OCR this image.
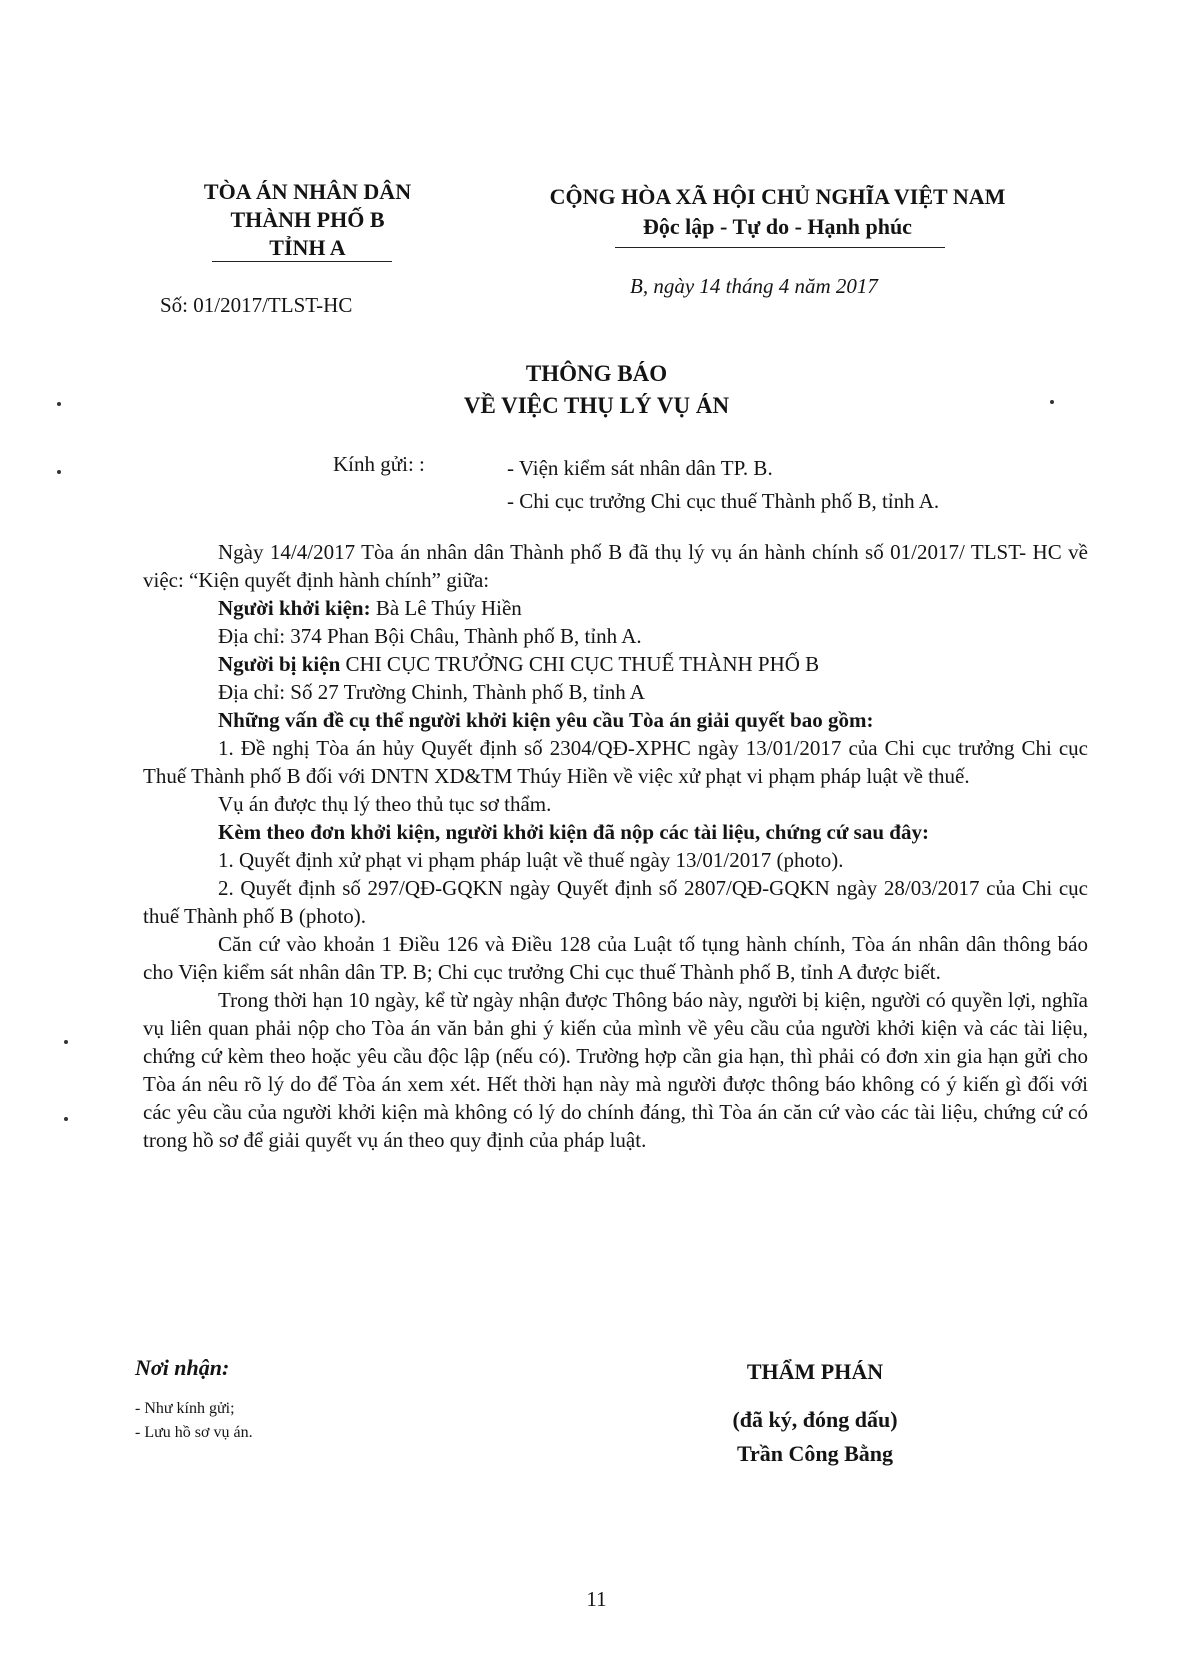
TÒA ÁN NHÂN DÂN
THÀNH PHỐ B
TỈNH A
Số: 01/2017/TLST-HC
CỘNG HÒA XÃ HỘI CHỦ NGHĨA VIỆT NAM
Độc lập - Tự do - Hạnh phúc
B, ngày 14 tháng 4 năm 2017
THÔNG BÁO
VỀ VIỆC THỤ LÝ VỤ ÁN
Kính gửi: :	- Viện kiểm sát nhân dân TP. B.
- Chi cục trưởng Chi cục thuế Thành phố B, tỉnh A.

Ngày 14/4/2017 Tòa án nhân dân Thành phố B đã thụ lý vụ án hành chính số 01/2017/ TLST- HC về việc: “Kiện quyết định hành chính” giữa:

Người khởi kiện: Bà Lê Thúy Hiền

Địa chỉ: 374 Phan Bội Châu, Thành phố B, tỉnh A.

Người bị kiện CHI CỤC TRƯỞNG CHI CỤC THUẾ THÀNH PHỐ B

Địa chỉ: Số 27 Trường Chinh, Thành phố B, tỉnh A

Những vấn đề cụ thể người khởi kiện yêu cầu Tòa án giải quyết bao gồm:

1. Đề nghị Tòa án hủy Quyết định số 2304/QĐ-XPHC ngày 13/01/2017 của Chi cục trưởng Chi cục Thuế Thành phố B đối với DNTN XD&TM Thúy Hiền về việc xử phạt vi phạm pháp luật về thuế.

Vụ án được thụ lý theo thủ tục sơ thẩm.

Kèm theo đơn khởi kiện, người khởi kiện đã nộp các tài liệu, chứng cứ sau đây:

1. Quyết định xử phạt vi phạm pháp luật về thuế ngày 13/01/2017 (photo).

2. Quyết định số 297/QĐ-GQKN ngày Quyết định số 2807/QĐ-GQKN ngày 28/03/2017 của Chi cục thuế Thành phố B (photo).

Căn cứ vào khoản 1 Điều 126 và Điều 128 của Luật tố tụng hành chính, Tòa án nhân dân thông báo cho Viện kiểm sát nhân dân TP. B; Chi cục trưởng Chi cục thuế Thành phố B, tỉnh A được biết.

Trong thời hạn 10 ngày, kể từ ngày nhận được Thông báo này, người bị kiện, người có quyền lợi, nghĩa vụ liên quan phải nộp cho Tòa án văn bản ghi ý kiến của mình về yêu cầu của người khởi kiện và các tài liệu, chứng cứ kèm theo hoặc yêu cầu độc lập (nếu có). Trường hợp cần gia hạn, thì phải có đơn xin gia hạn gửi cho Tòa án nêu rõ lý do để Tòa án xem xét. Hết thời hạn này mà người được thông báo không có ý kiến gì đối với các yêu cầu của người khởi kiện mà không có lý do chính đáng, thì Tòa án căn cứ vào các tài liệu, chứng cứ có trong hồ sơ để giải quyết vụ án theo quy định của pháp luật.

Nơi nhận:
- Như kính gửi;
- Lưu hồ sơ vụ án.
THẨM PHÁN
(đã ký, đóng dấu)
Trần Công Bằng
11
